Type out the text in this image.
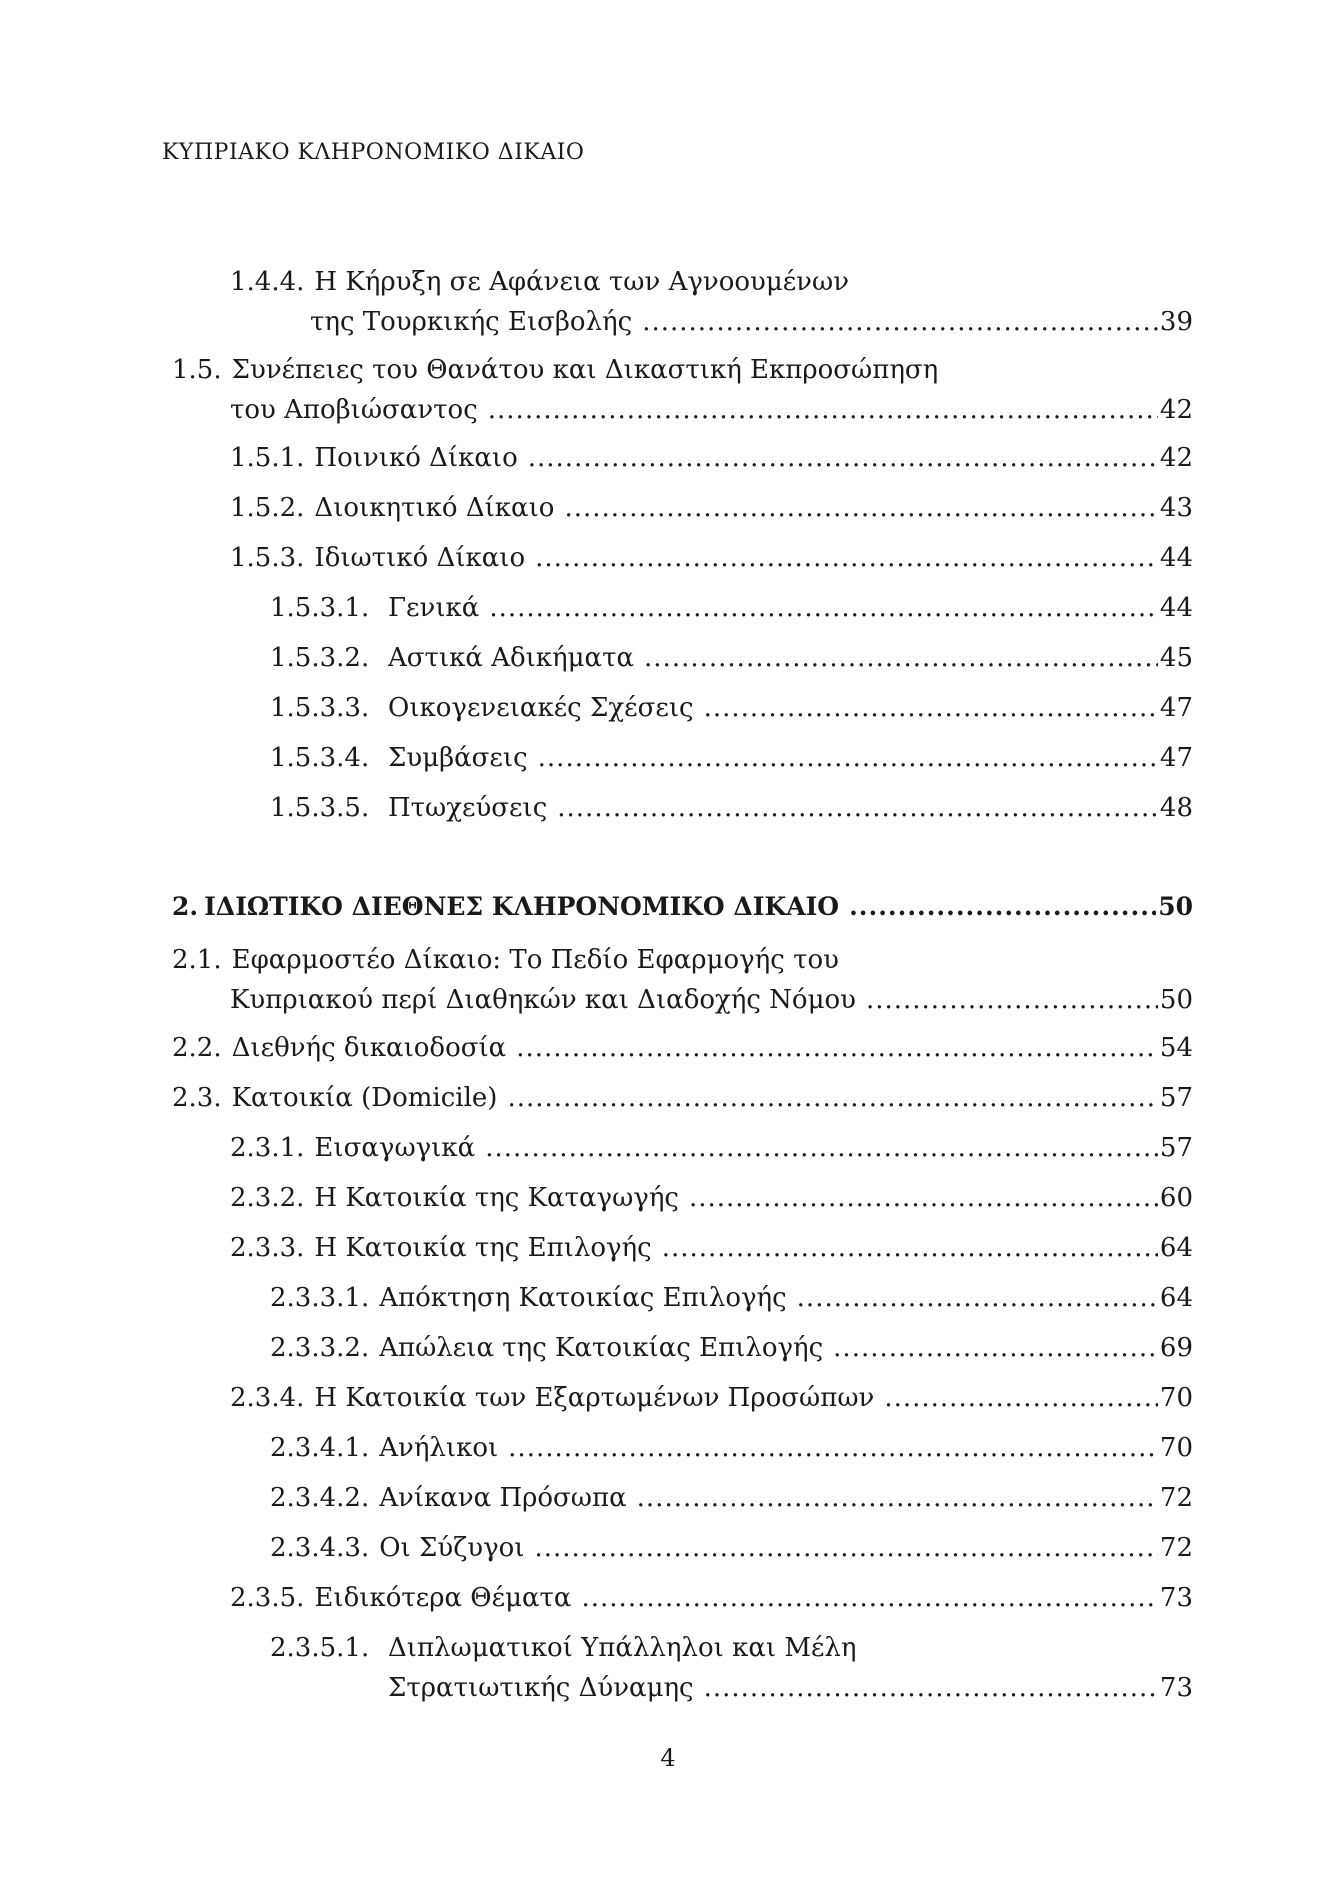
ΚΥΠΡΙΑΚΟ ΚΛΗΡΟΝΟΜΙΚΟ ΔΙΚΑΙΟ
1.4.4. Η Κήρυξη σε Αφάνεια των Αγνοουμένων
της Τουρκικής Εισβολής .....	39
1.5. Συνέπειες του Θανάτου και Δικαστική Εκπροσώπηση
του Αποβιώσαντος .....	42
1.5.1. Ποινικό Δίκαιο .....	42
1.5.2. Διοικητικό Δίκαιο .....	43
1.5.3. Ιδιωτικό Δίκαιο .....	44
1.5.3.1. Γενικά .....	44
1.5.3.2. Αστικά Αδικήματα .....	45
1.5.3.3. Οικογενειακές Σχέσεις .....	47
1.5.3.4. Συμβάσεις .....	47
1.5.3.5. Πτωχεύσεις .....	48
2. ΙΔΙΩΤΙΚΟ ΔΙΕΘΝΕΣ ΚΛΗΡΟΝΟΜΙΚΟ ΔΙΚΑΙΟ .....	50
2.1. Εφαρμοστέο Δίκαιο: Το Πεδίο Εφαρμογής του
Κυπριακού περί Διαθηκών και Διαδοχής Νόμου .....	50
2.2. Διεθνής δικαιοδοσία .....	54
2.3. Κατοικία (Domicile) .....	57
2.3.1. Εισαγωγικά .....	57
2.3.2. Η Κατοικία της Καταγωγής .....	60
2.3.3. Η Κατοικία της Επιλογής .....	64
2.3.3.1. Απόκτηση Κατοικίας Επιλογής .....	64
2.3.3.2. Απώλεια της Κατοικίας Επιλογής .....	69
2.3.4. Η Κατοικία των Εξαρτωμένων Προσώπων .....	70
2.3.4.1. Ανήλικοι .....	70
2.3.4.2. Ανίκανα Πρόσωπα .....	72
2.3.4.3. Οι Σύζυγοι .....	72
2.3.5. Ειδικότερα Θέματα .....	73
2.3.5.1. Διπλωματικοί Υπάλληλοι και Μέλη
Στρατιωτικής Δύναμης .....	73
4
